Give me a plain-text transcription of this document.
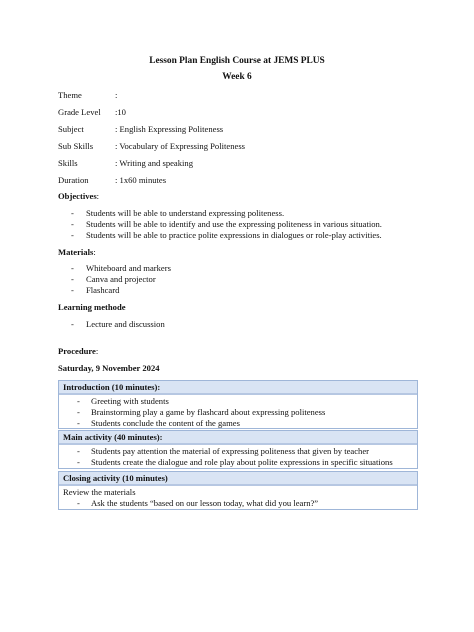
Lesson Plan English Course at JEMS PLUS
Week 6
Theme	:
Grade Level :10
Subject	: English Expressing Politeness
Sub Skills	: Vocabulary of Expressing Politeness
Skills	: Writing and speaking
Duration	: 1x60 minutes
Objectives:
- Students will be able to understand expressing politeness.
- Students will be able to identify and use the expressing politeness in various situation.
- Students will be able to practice polite expressions in dialogues or role-play activities.
Materials:
- Whiteboard and markers
- Canva and projector
- Flashcard
Learning methode
- Lecture and discussion
Procedure:
Saturday, 9 November 2024
Introduction (10 minutes):
- Greeting with students
- Brainstorming play a game by flashcard about expressing politeness
- Students conclude the content of the games
Main activity (40 minutes):
- Students pay attention the material of expressing politeness that given by teacher
- Students create the dialogue and role play about polite expressions in specific situations
Closing activity (10 minutes)
Review the materials
- Ask the students “based on our lesson today, what did you learn?”
